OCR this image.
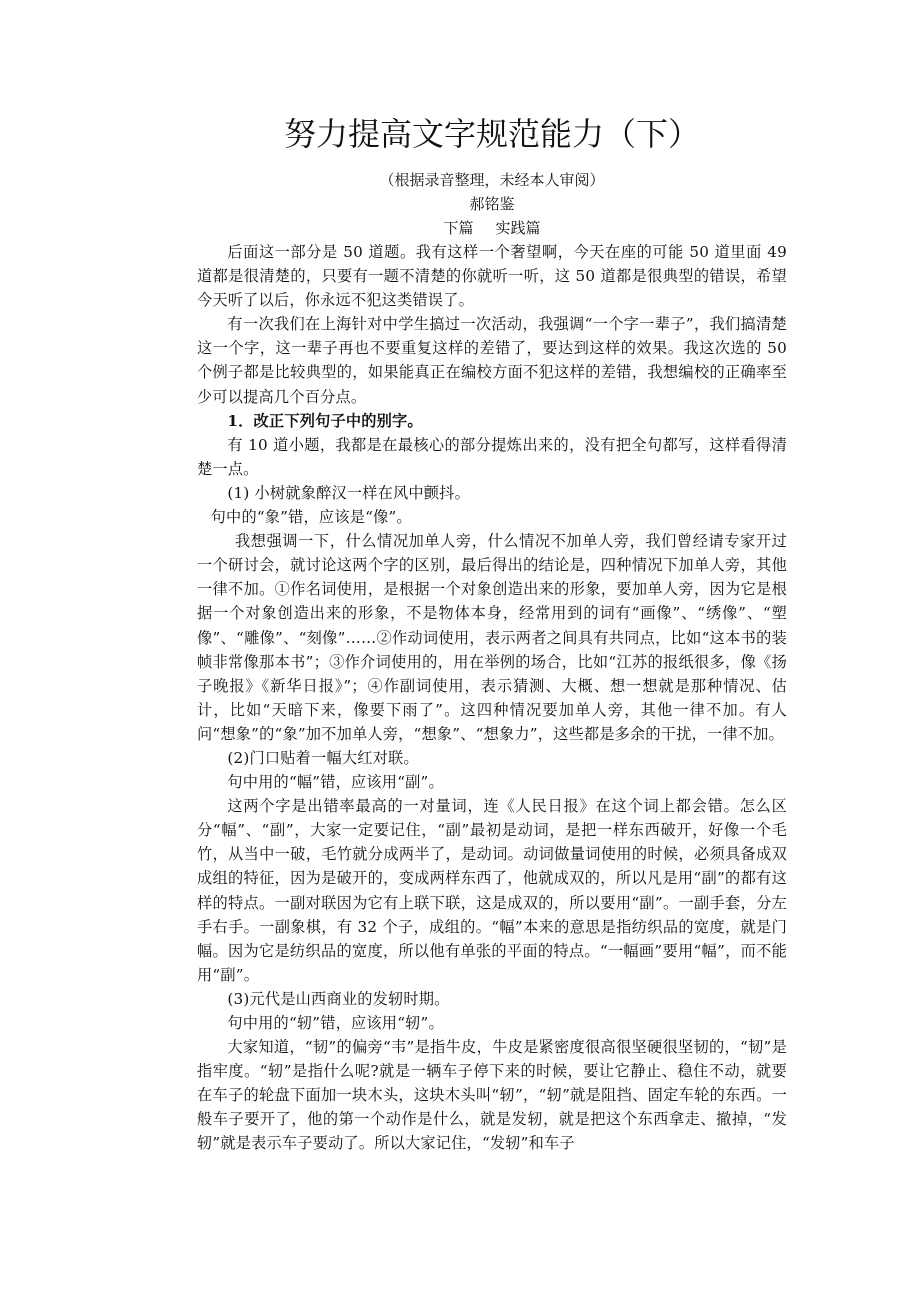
努力提高文字规范能力（下）
（根据录音整理，未经本人审阅）
郝铭鉴
下篇 实践篇

后面这一部分是 50 道题。我有这样一个奢望啊，今天在座的可能 50 道里面 49 道都是很清楚的，只要有一题不清楚的你就听一听，这 50 道都是很典型的错误，希望今天听了以后，你永远不犯这类错误了。

有一次我们在上海针对中学生搞过一次活动，我强调“一个字一辈子”，我们搞清楚这一个字，这一辈子再也不要重复这样的差错了，要达到这样的效果。我这次选的 50 个例子都是比较典型的，如果能真正在编校方面不犯这样的差错，我想编校的正确率至少可以提高几个百分点。

1．改正下列句子中的别字。

有 10 道小题，我都是在最核心的部分提炼出来的，没有把全句都写，这样看得清楚一点。

(1) 小树就象醉汉一样在风中颤抖。

句中的“象”错，应该是“像”。

我想强调一下，什么情况加单人旁，什么情况不加单人旁，我们曾经请专家开过一个研讨会，就讨论这两个字的区别，最后得出的结论是，四种情况下加单人旁，其他一律不加。①作名词使用，是根据一个对象创造出来的形象，要加单人旁，因为它是根据一个对象创造出来的形象，不是物体本身，经常用到的词有“画像”、“绣像”、“塑像”、“雕像”、“刻像”……②作动词使用，表示两者之间具有共同点，比如“这本书的装帧非常像那本书”；③作介词使用的，用在举例的场合，比如“江苏的报纸很多，像《扬子晚报》《新华日报》”；④作副词使用，表示猜测、大概、想一想就是那种情况、估计，比如“天暗下来，像要下雨了”。这四种情况要加单人旁，其他一律不加。有人问“想象”的“象”加不加单人旁，“想象”、“想象力”，这些都是多余的干扰，一律不加。

(2)门口贴着一幅大红对联。

句中用的“幅”错，应该用“副”。

这两个字是出错率最高的一对量词，连《人民日报》在这个词上都会错。怎么区分“幅”、“副”，大家一定要记住，“副”最初是动词，是把一样东西破开，好像一个毛竹，从当中一破，毛竹就分成两半了，是动词。动词做量词使用的时候，必须具备成双成组的特征，因为是破开的，变成两样东西了，他就成双的，所以凡是用“副”的都有这样的特点。一副对联因为它有上联下联，这是成双的，所以要用“副”。一副手套，分左手右手。一副象棋，有 32 个子，成组的。“幅”本来的意思是指纺织品的宽度，就是门幅。因为它是纺织品的宽度，所以他有单张的平面的特点。“一幅画”要用“幅”，而不能用“副”。

(3)元代是山西商业的发轫时期。

句中用的“轫”错，应该用“轫”。

大家知道，“韧”的偏旁“韦”是指牛皮，牛皮是紧密度很高很坚硬很坚韧的，“韧”是指牢度。“轫”是指什么呢?就是一辆车子停下来的时候，要让它静止、稳住不动，就要在车子的轮盘下面加一块木头，这块木头叫“轫”，“轫”就是阻挡、固定车轮的东西。一般车子要开了，他的第一个动作是什么，就是发轫，就是把这个东西拿走、撤掉，“发轫”就是表示车子要动了。所以大家记住，“发轫”和车子
